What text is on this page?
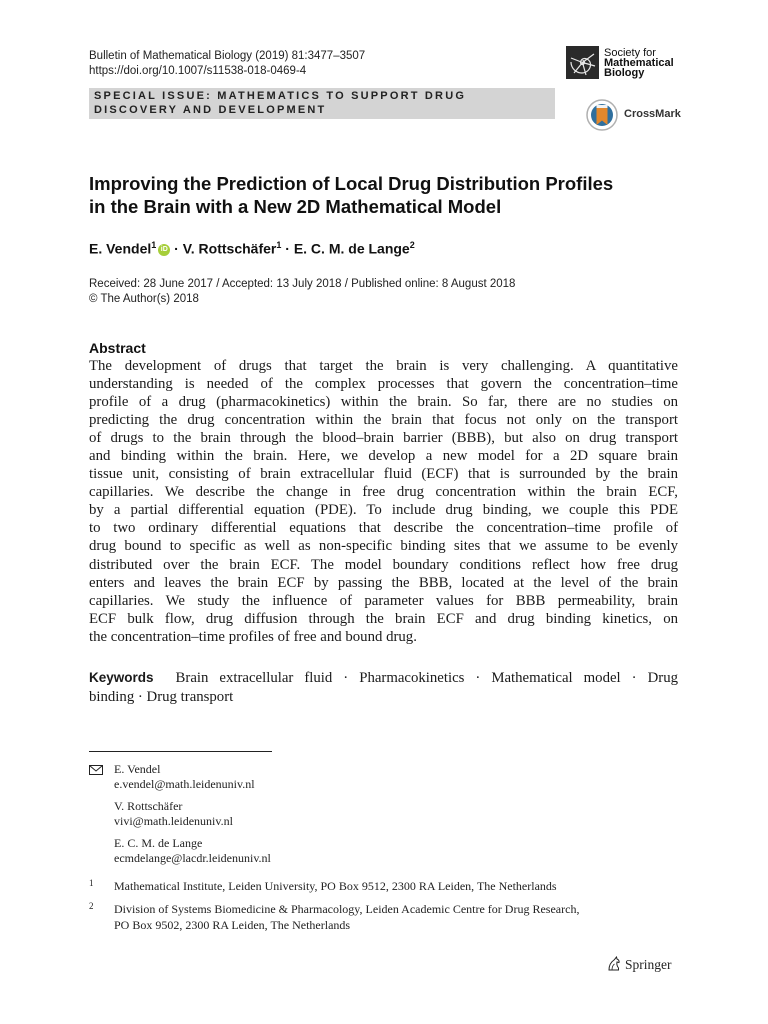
Bulletin of Mathematical Biology (2019) 81:3477–3507
https://doi.org/10.1007/s11538-018-0469-4
SPECIAL ISSUE: MATHEMATICS TO SUPPORT DRUG
DISCOVERY AND DEVELOPMENT
Society for
Mathematical
Biology
CrossMark
Improving the Prediction of Local Drug Distribution Profiles
in the Brain with a New 2D Mathematical Model
E. Vendel$^1$ iD · V. Rottschäfer$^1$ · E. C. M. de Lange$^2$
Received: 28 June 2017 / Accepted: 13 July 2018 / Published online: 8 August 2018
© The Author(s) 2018
Abstract
The development of drugs that target the brain is very challenging. A quantitative
understanding is needed of the complex processes that govern the concentration–time
profile of a drug (pharmacokinetics) within the brain. So far, there are no studies on
predicting the drug concentration within the brain that focus not only on the transport
of drugs to the brain through the blood–brain barrier (BBB), but also on drug transport
and binding within the brain. Here, we develop a new model for a 2D square brain
tissue unit, consisting of brain extracellular fluid (ECF) that is surrounded by the brain
capillaries. We describe the change in free drug concentration within the brain ECF,
by a partial differential equation (PDE). To include drug binding, we couple this PDE
to two ordinary differential equations that describe the concentration–time profile of
drug bound to specific as well as non-specific binding sites that we assume to be evenly
distributed over the brain ECF. The model boundary conditions reflect how free drug
enters and leaves the brain ECF by passing the BBB, located at the level of the brain
capillaries. We study the influence of parameter values for BBB permeability, brain
ECF bulk flow, drug diffusion through the brain ECF and drug binding kinetics, on
the concentration–time profiles of free and bound drug.
Keywords Brain extracellular fluid · Pharmacokinetics · Mathematical model · Drug
binding · Drug transport
E. Vendel
e.vendel@math.leidenuniv.nl
V. Rottschäfer
vivi@math.leidenuniv.nl
E. C. M. de Lange
ecmdelange@lacdr.leidenuniv.nl
1 Mathematical Institute, Leiden University, PO Box 9512, 2300 RA Leiden, The Netherlands
2 Division of Systems Biomedicine & Pharmacology, Leiden Academic Centre for Drug Research,
PO Box 9502, 2300 RA Leiden, The Netherlands
Springer
